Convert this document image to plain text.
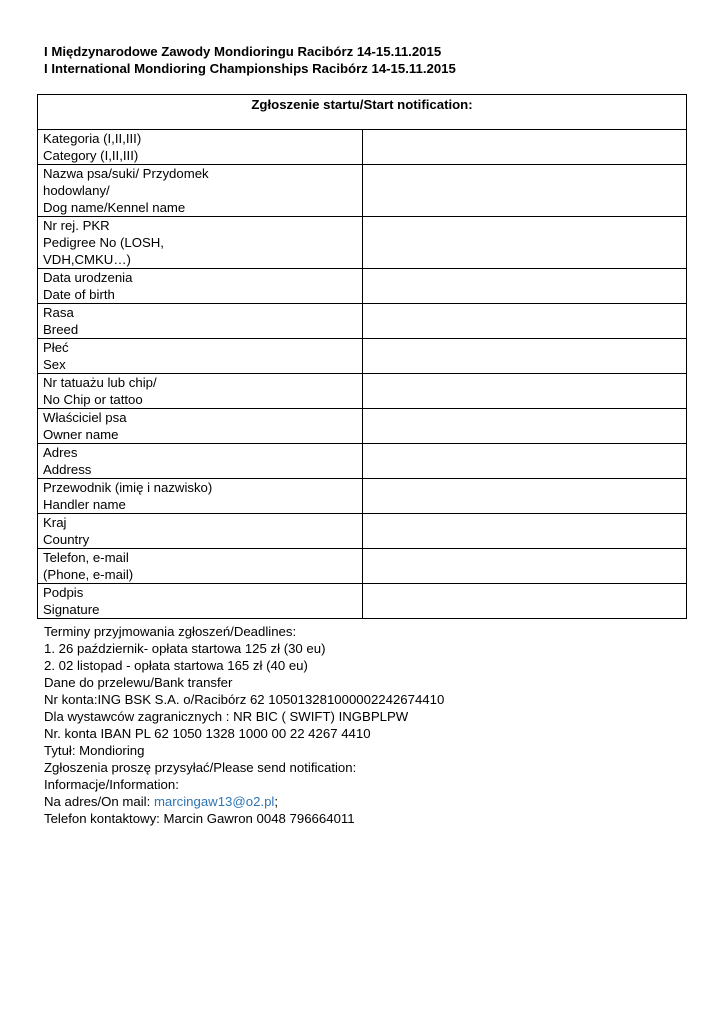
I Międzynarodowe Zawody Mondioringu Racibórz 14-15.11.2015
I International Mondioring Championships Racibórz 14-15.11.2015
Zgłoszenie startu/Start notification:	

Kategoria (I,II,III)
Category (I,II,III)	

Nazwa psa/suki/ Przydomek
hodowlany/
Dog name/Kennel name	

Nr rej. PKR
Pedigree No (LOSH,
VDH,CMKU…)	

Data urodzenia
Date of birth	

Rasa
Breed	

Płeć
Sex	

Nr tatuażu lub chip/
No Chip or tattoo	

Właściciel psa
Owner name	

Adres
Address	

Przewodnik (imię i nazwisko)
Handler name	

Kraj
Country	

Telefon, e-mail
(Phone, e-mail)	

Podpis
Signature	

Terminy przyjmowania zgłoszeń/Deadlines:
1. 26 październik- opłata startowa 125 zł (30 eu)
2. 02 listopad - opłata startowa 165 zł (40 eu)
Dane do przelewu/Bank transfer
Nr konta:ING BSK S.A. o/Racibórz 62 10501328100000224267441​0
Dla wystawców zagranicznych : NR BIC ( SWIFT) INGBPLPW
Nr. konta IBAN PL 62 1050 1328 1000 00 22 4267 4410
Tytuł: Mondioring
Zgłoszenia proszę przysyłać/Please send notification:
Informacje/Information:
Na adres/On mail: marcingaw13@o2.pl;
Telefon kontaktowy: Marcin Gawron 0048 796664011
